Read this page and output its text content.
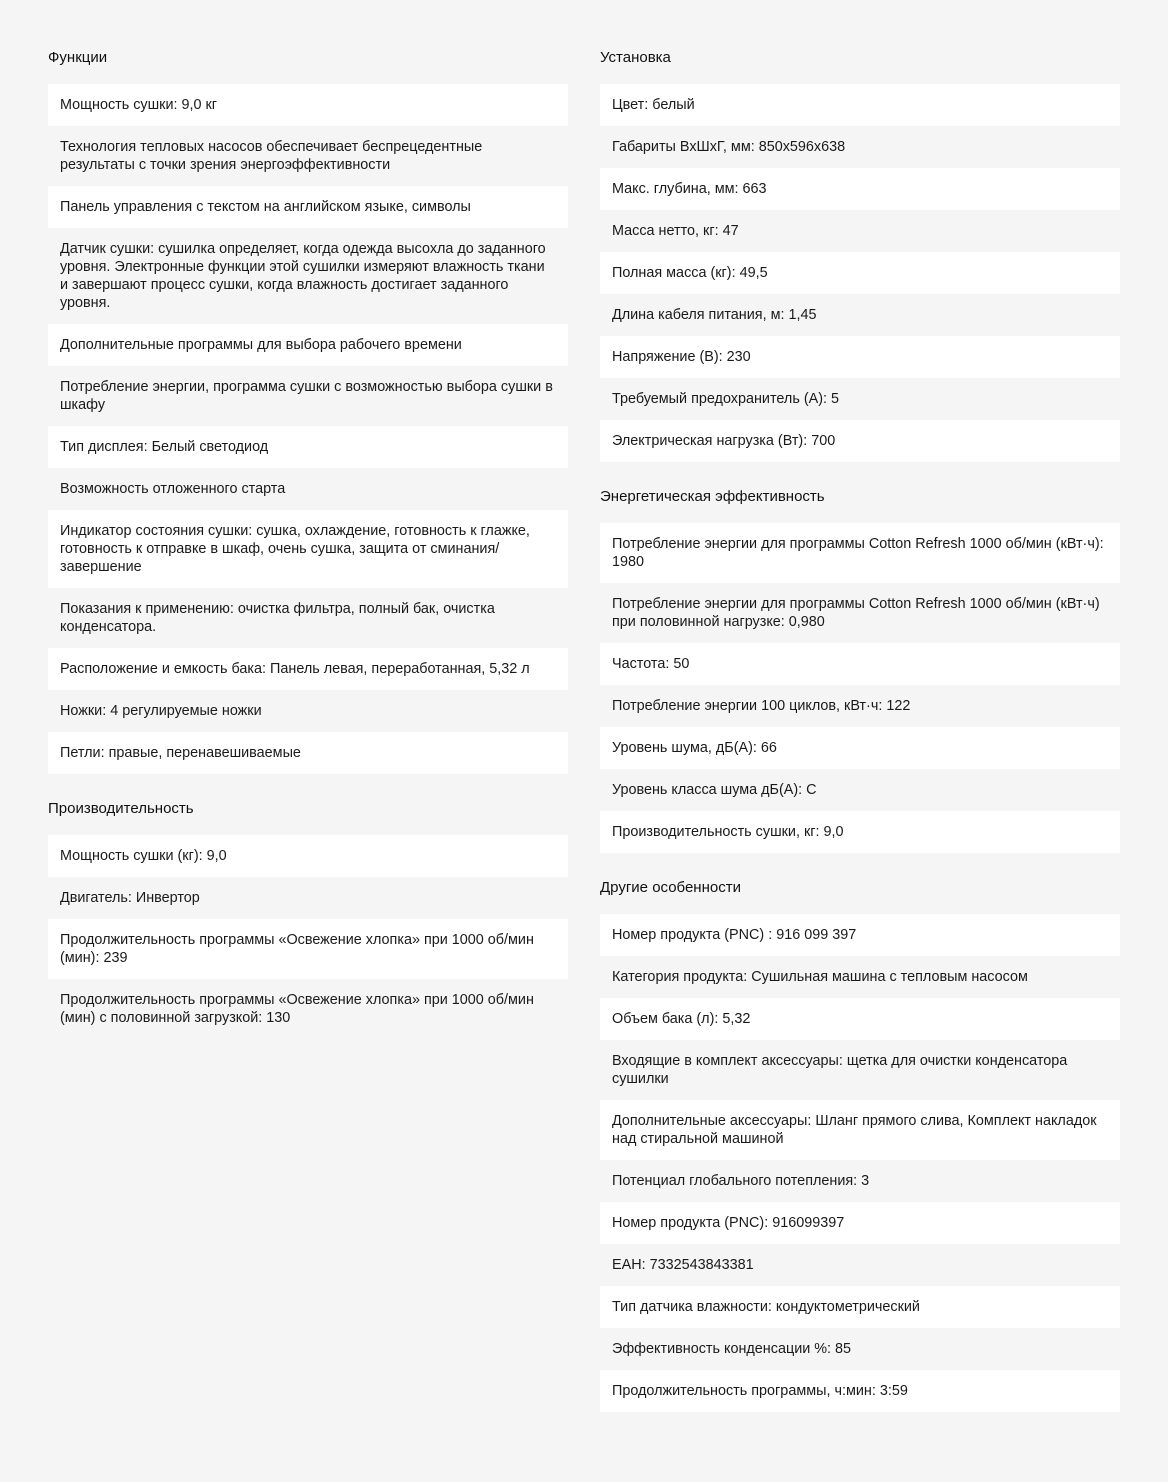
Функции
Мощность сушки: 9,0 кг
Технология тепловых насосов обеспечивает беспрецедентные результаты с точки зрения энергоэффективности
Панель управления с текстом на английском языке, символы
Датчик сушки: сушилка определяет, когда одежда высохла до заданного уровня. Электронные функции этой сушилки измеряют влажность ткани и завершают процесс сушки, когда влажность достигает заданного уровня.
Дополнительные программы для выбора рабочего времени
Потребление энергии, программа сушки с возможностью выбора сушки в шкафу
Тип дисплея: Белый светодиод
Возможность отложенного старта
Индикатор состояния сушки: сушка, охлаждение, готовность к глажке, готовность к отправке в шкаф, очень сушка, защита от сминания/завершение
Показания к применению: очистка фильтра, полный бак, очистка конденсатора.
Расположение и емкость бака: Панель левая, переработанная, 5,32 л
Ножки: 4 регулируемые ножки
Петли: правые, перенавешиваемые
Производительность
Мощность сушки (кг): 9,0
Двигатель: Инвертор
Продолжительность программы «Освежение хлопка» при 1000 об/мин (мин): 239
Продолжительность программы «Освежение хлопка» при 1000 об/мин (мин) с половинной загрузкой: 130
Установка
Цвет: белый
Габариты ВхШхГ, мм: 850x596x638
Макс. глубина, мм: 663
Масса нетто, кг: 47
Полная масса (кг): 49,5
Длина кабеля питания, м: 1,45
Напряжение (В): 230
Требуемый предохранитель (А): 5
Электрическая нагрузка (Вт): 700
Энергетическая эффективность
Потребление энергии для программы Cotton Refresh 1000 об/мин (кВт·ч): 1980
Потребление энергии для программы Cotton Refresh 1000 об/мин (кВт·ч) при половинной нагрузке: 0,980
Частота: 50
Потребление энергии 100 циклов, кВт·ч: 122
Уровень шума, дБ(А): 66
Уровень класса шума дБ(А): C
Производительность сушки, кг: 9,0
Другие особенности
Номер продукта (PNC) : 916 099 397
Категория продукта: Сушильная машина с тепловым насосом
Объем бака (л): 5,32
Входящие в комплект аксессуары: щетка для очистки конденсатора сушилки
Дополнительные аксессуары: Шланг прямого слива, Комплект накладок над стиральной машиной
Потенциал глобального потепления: 3
Номер продукта (PNC): 916099397
EAH: 7332543843381
Тип датчика влажности: кондуктометрический
Эффективность конденсации %: 85
Продолжительность программы, ч:мин: 3:59
